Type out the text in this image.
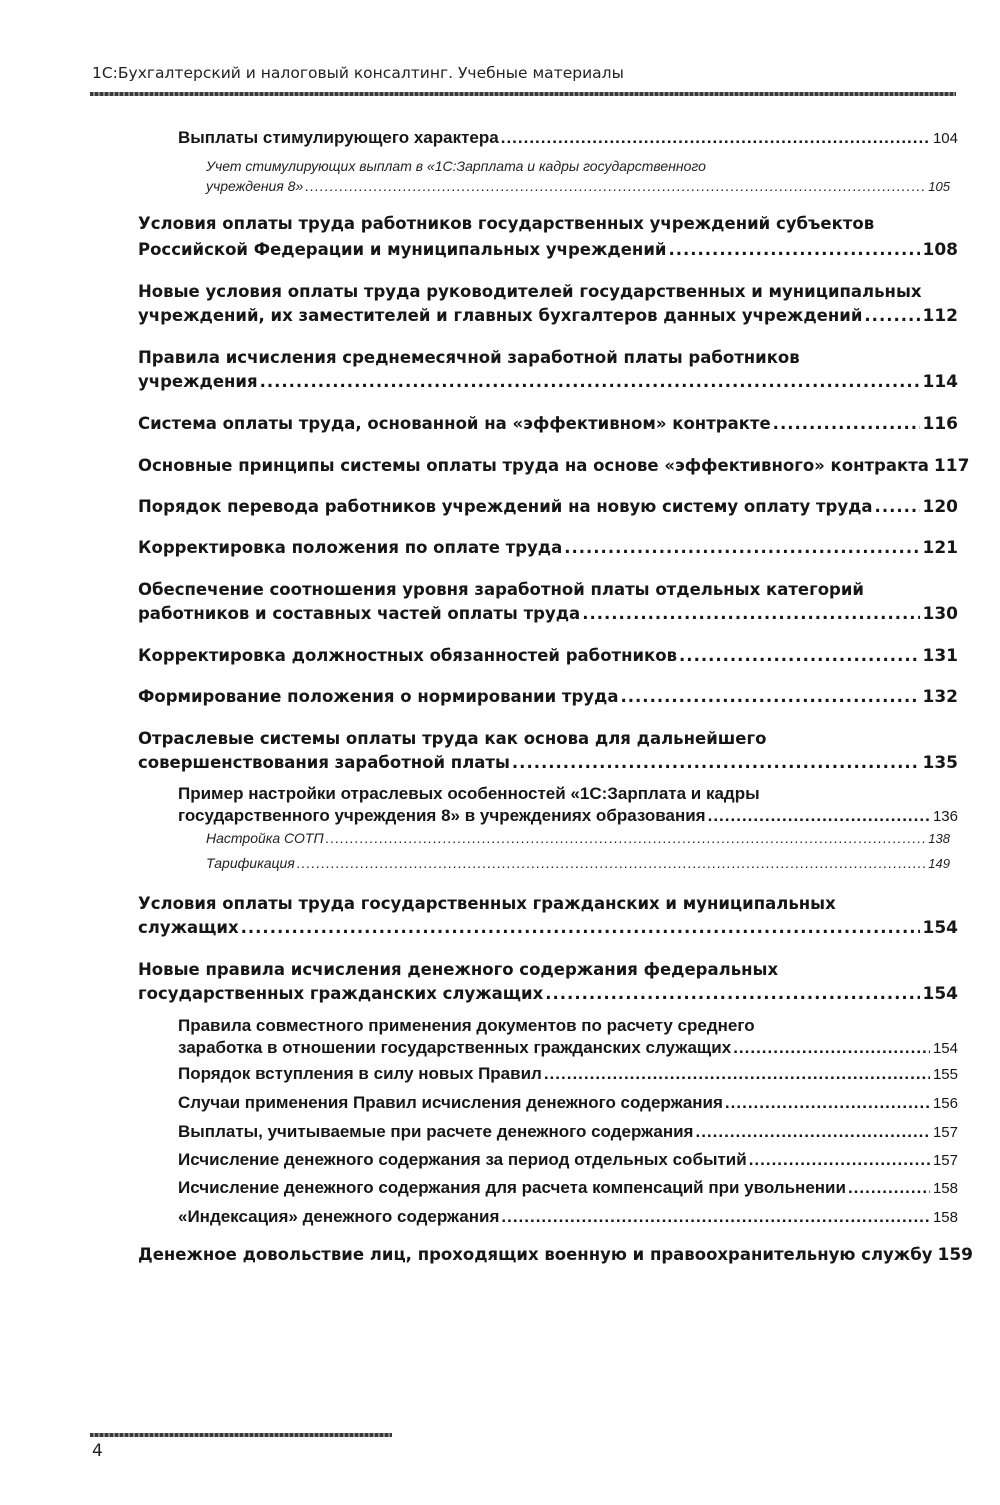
1С:Бухгалтерский и налоговый консалтинг. Учебные материалы
Выплаты стимулирующего характера .....	104
Учет стимулирующих выплат в «1С:Зарплата и кадры государственного
учреждения 8» .....	105
Условия оплаты труда работников государственных учреждений субъектов
Российской Федерации и муниципальных учреждений .....	108
Новые условия оплаты труда руководителей государственных и муниципальных
учреждений, их заместителей и главных бухгалтеров данных учреждений .....	112
Правила исчисления среднемесячной заработной платы работников
учреждения .....	114
Система оплаты труда, основанной на «эффективном» контракте .....	116
Основные принципы системы оплаты труда на основе «эффективного» контракта 117
Порядок перевода работников учреждений на новую систему оплату труда .....	120
Корректировка положения по оплате труда .....	121
Обеспечение соотношения уровня заработной платы отдельных категорий
работников и составных частей оплаты труда .....	130
Корректировка должностных обязанностей работников .....	131
Формирование положения о нормировании труда .....	132
Отраслевые системы оплаты труда как основа для дальнейшего
совершенствования заработной платы .....	135
Пример настройки отраслевых особенностей «1С:Зарплата и кадры
государственного учреждения 8» в учреждениях образования .....	136
Настройка СОТП .....	138
Тарификация .....	149
Условия оплаты труда государственных гражданских и муниципальных
служащих .....	154
Новые правила исчисления денежного содержания федеральных
государственных гражданских служащих .....	154
Правила совместного применения документов по расчету среднего
заработка в отношении государственных гражданских служащих .....	154
Порядок вступления в силу новых Правил .....	155
Случаи применения Правил исчисления денежного содержания .....	156
Выплаты, учитываемые при расчете денежного содержания .....	157
Исчисление денежного содержания за период отдельных событий .....	157
Исчисление денежного содержания для расчета компенсаций при увольнении .....	158
«Индексация» денежного содержания .....	158
Денежное довольствие лиц, проходящих военную и правоохранительную службу 159
4
